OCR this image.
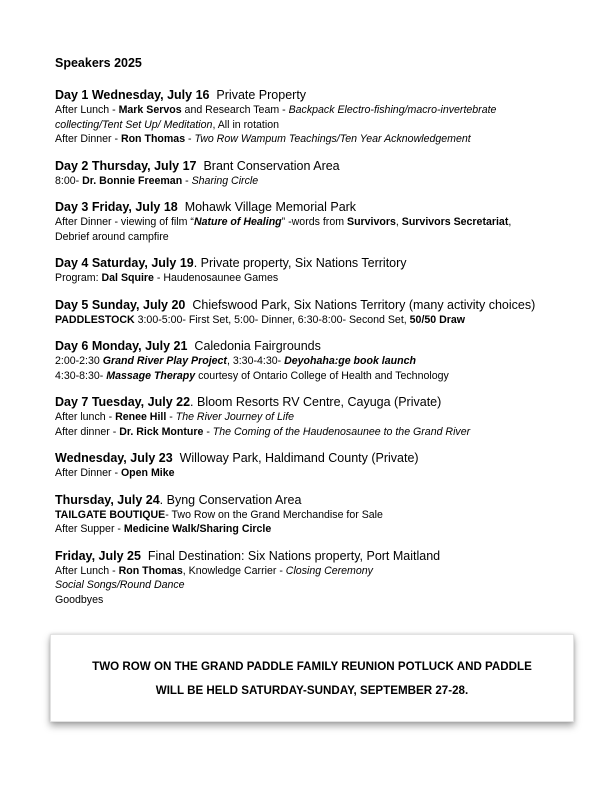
Speakers 2025
Day 1 Wednesday, July 16  Private Property
After Lunch - Mark Servos and Research Team - Backpack Electro-fishing/macro-invertebrate
collecting/Tent Set Up/ Meditation, All in rotation
After Dinner - Ron Thomas - Two Row Wampum Teachings/Ten Year Acknowledgement
Day 2 Thursday, July 17  Brant Conservation Area
8:00- Dr. Bonnie Freeman - Sharing Circle
Day 3 Friday, July 18  Mohawk Village Memorial Park
After Dinner - viewing of film “Nature of Healing” -words from Survivors, Survivors Secretariat,
Debrief around campfire
Day 4 Saturday, July 19. Private property, Six Nations Territory
Program: Dal Squire - Haudenosaunee Games
Day 5 Sunday, July 20  Chiefswood Park, Six Nations Territory (many activity choices)
PADDLESTOCK 3:00-5:00- First Set, 5:00- Dinner, 6:30-8:00- Second Set, 50/50 Draw
Day 6 Monday, July 21  Caledonia Fairgrounds
2:00-2:30 Grand River Play Project, 3:30-4:30- Deyohaha:ge book launch
4:30-8:30- Massage Therapy courtesy of Ontario College of Health and Technology
Day 7 Tuesday, July 22. Bloom Resorts RV Centre, Cayuga (Private)
After lunch - Renee Hill - The River Journey of Life
After dinner - Dr. Rick Monture - The Coming of the Haudenosaunee to the Grand River
Wednesday, July 23  Willoway Park, Haldimand County (Private)
After Dinner - Open Mike
Thursday, July 24. Byng Conservation Area
TAILGATE BOUTIQUE- Two Row on the Grand Merchandise for Sale
After Supper - Medicine Walk/Sharing Circle
Friday, July 25  Final Destination: Six Nations property, Port Maitland
After Lunch - Ron Thomas, Knowledge Carrier - Closing Ceremony
Social Songs/Round Dance
Goodbyes
TWO ROW ON THE GRAND PADDLE FAMILY REUNION POTLUCK AND PADDLE
WILL BE HELD SATURDAY-SUNDAY, SEPTEMBER 27-28.
